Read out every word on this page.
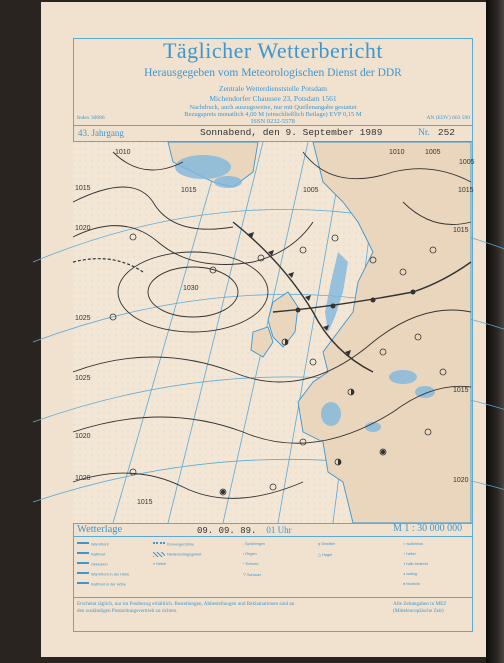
Täglicher Wetterbericht
Herausgegeben vom Meteorologischen Dienst der DDR
Zentrale Wetterdienststelle Potsdam
Michendorfer Chaussee 23, Potsdam 1561
Nachdruck, auch auszugsweise, nur mit Quellenangabe gestattet
Bezugspreis monatlich 4,00 M (einschließlich Beilage) EVP 0,15 M
ISSN 0232-5578
Index 30686	AN (EDV) 603 590
43. Jahrgang	Sonnabend, den 9. September 1989	Nr. 252
1010
1015	1015
1020
1030
1025
1025
1020
1020
1015
1015
1010	1005
1005
1015
1015
1020
1005
Wetterlage	09. 09. 89. 01 Uhr	M 1 : 30 000 000
Warmfront
Kaltfront
Okklusion
Warmfront in der Höhe
Kaltfront in der Höhe
Konvergenzlinie
Niederschlagsgebiet
≡ Nebel
, Sprühregen
• Regen
* Schnee
▽ Schauer
ʞ Gewitter
△ Hagel
○ wolkenlos
◔ heiter
◑ halb bedeckt
◕ wolkig
● bedeckt
Erscheint täglich, nur im Postbezug erhältlich. Bestellungen, Abbestellungen und Reklamationen sind an den zuständigen Postzeitungsvertrieb zu richten.
Alle Zeitangaben in MEZ (Mitteleuropäische Zeit)
